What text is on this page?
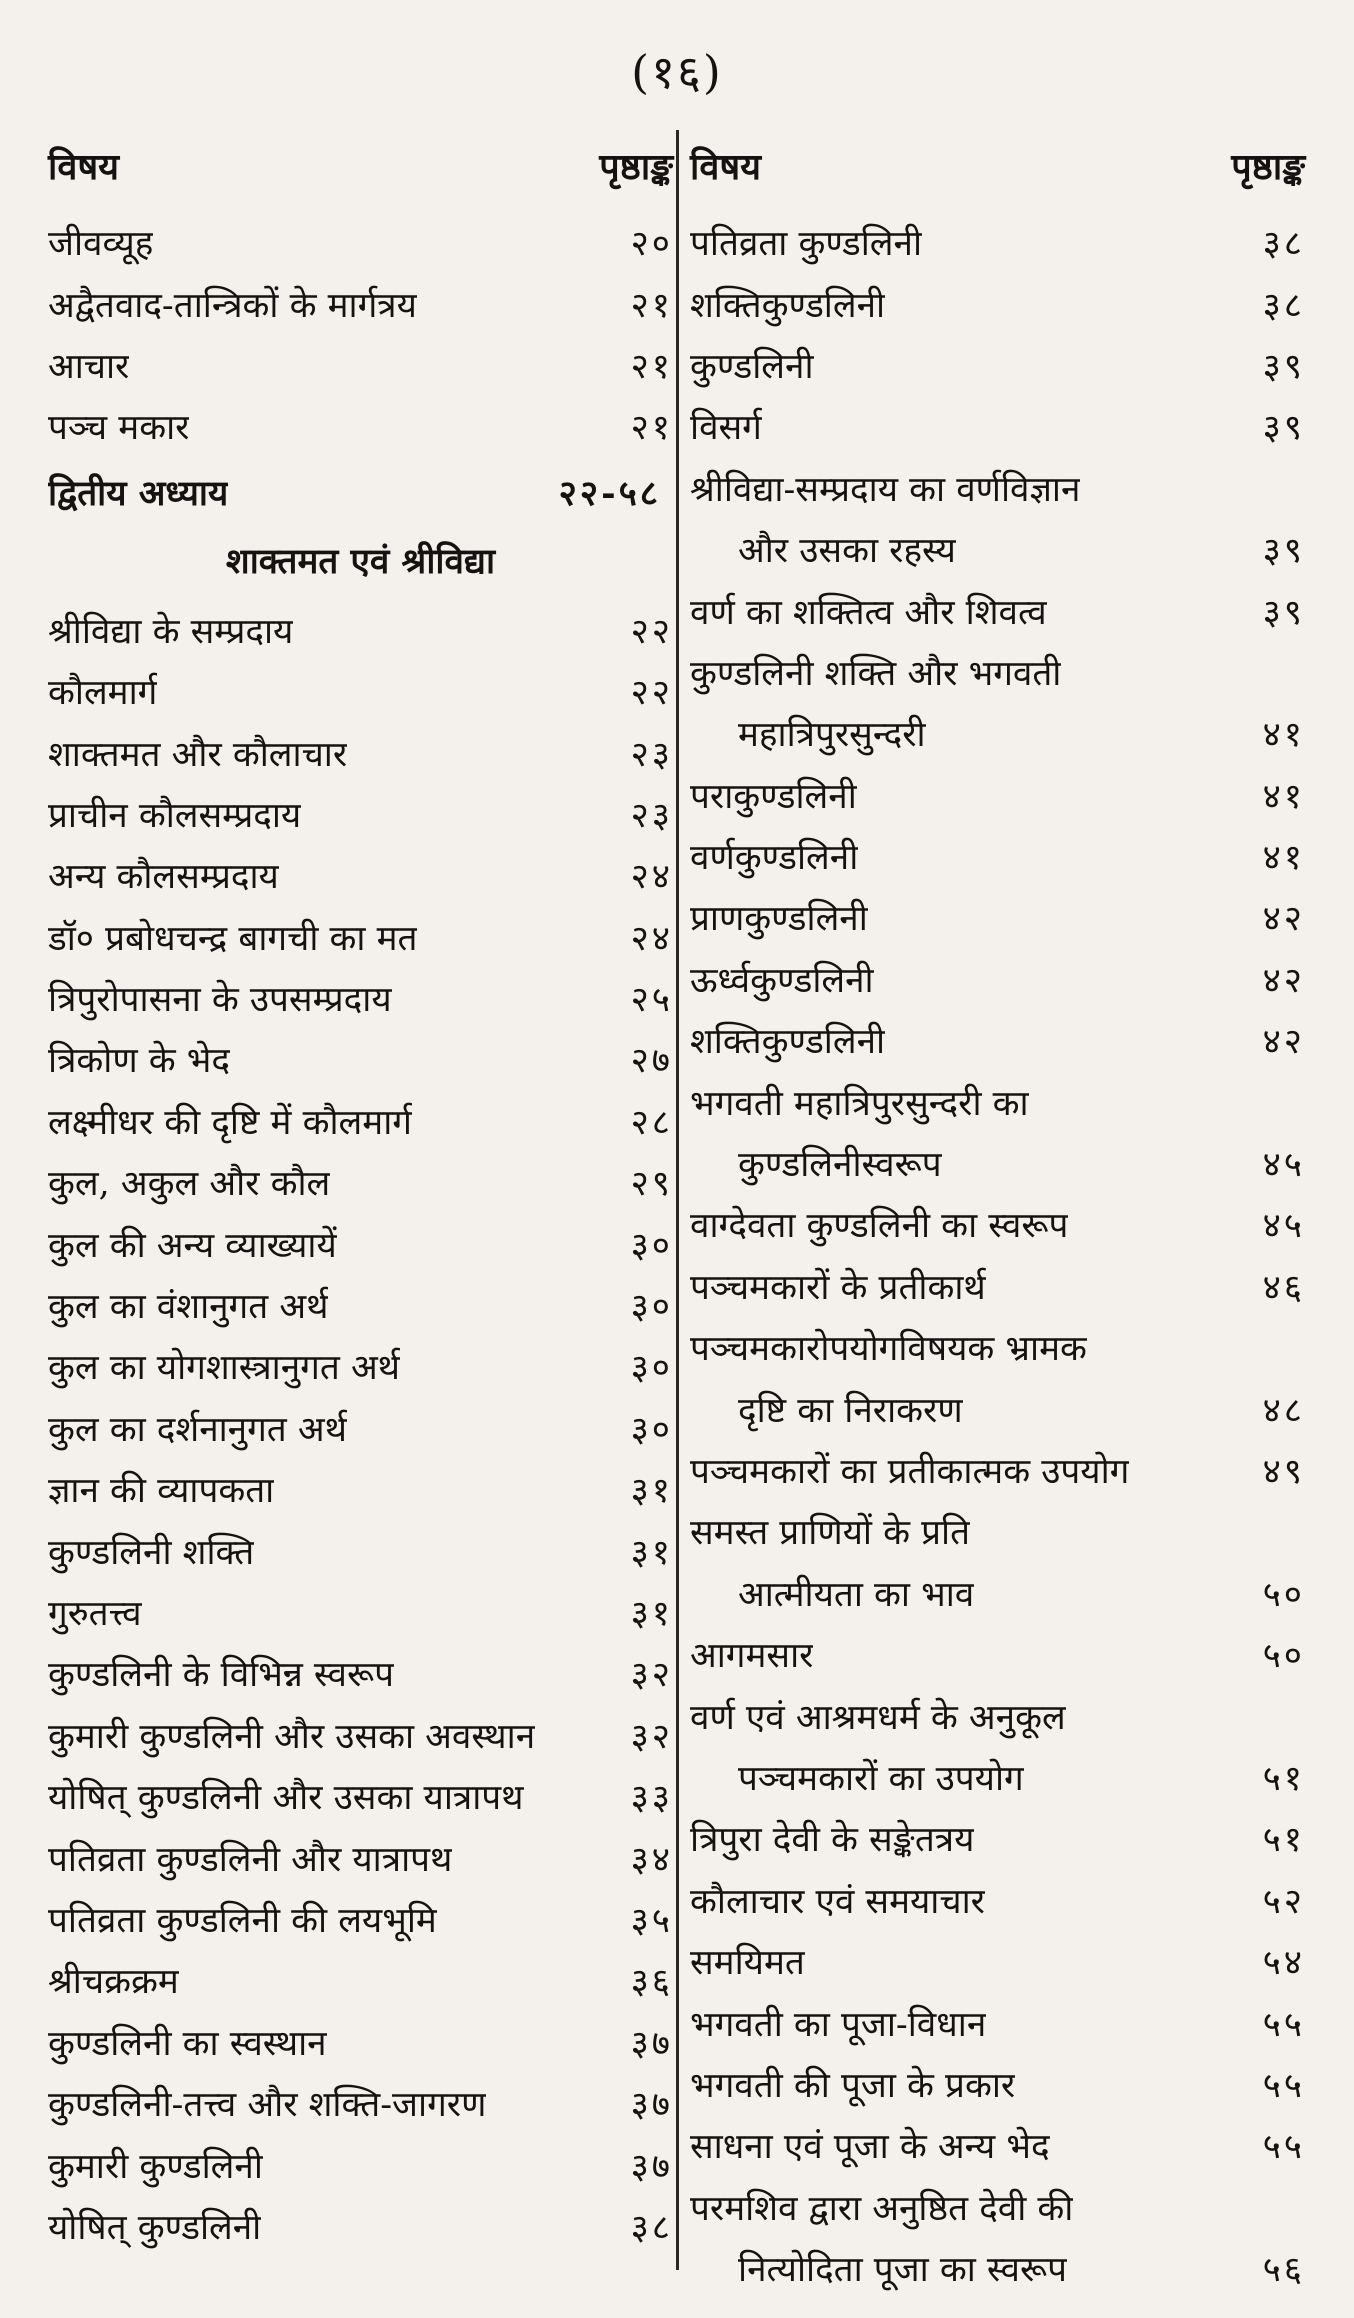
(१६)
विषय	पृष्ठाङ्क
जीवव्यूह	२०
अद्वैतवाद-तान्त्रिकों के मार्गत्रय	२१
आचार	२१
पञ्च मकार	२१
द्वितीय अध्याय	२२-५८
शाक्तमत एवं श्रीविद्या
श्रीविद्या के सम्प्रदाय	२२
कौलमार्ग	२२
शाक्तमत और कौलाचार	२३
प्राचीन कौलसम्प्रदाय	२३
अन्य कौलसम्प्रदाय	२४
डॉ० प्रबोधचन्द्र बागची का मत	२४
त्रिपुरोपासना के उपसम्प्रदाय	२५
त्रिकोण के भेद	२७
लक्ष्मीधर की दृष्टि में कौलमार्ग	२८
कुल, अकुल और कौल	२९
कुल की अन्य व्याख्यायें	३०
कुल का वंशानुगत अर्थ	३०
कुल का योगशास्त्रानुगत अर्थ	३०
कुल का दर्शनानुगत अर्थ	३०
ज्ञान की व्यापकता	३१
कुण्डलिनी शक्ति	३१
गुरुतत्त्व	३१
कुण्डलिनी के विभिन्न स्वरूप	३२
कुमारी कुण्डलिनी और उसका अवस्थान	३२
योषित् कुण्डलिनी और उसका यात्रापथ	३३
पतिव्रता कुण्डलिनी और यात्रापथ	३४
पतिव्रता कुण्डलिनी की लयभूमि	३५
श्रीचक्रक्रम	३६
कुण्डलिनी का स्वस्थान	३७
कुण्डलिनी-तत्त्व और शक्ति-जागरण	३७
कुमारी कुण्डलिनी	३७
योषित् कुण्डलिनी	३८
विषय	पृष्ठाङ्क
पतिव्रता कुण्डलिनी	३८
शक्तिकुण्डलिनी	३८
कुण्डलिनी	३९
विसर्ग	३९
श्रीविद्या-सम्प्रदाय का वर्णविज्ञान
और उसका रहस्य	३९
वर्ण का शक्तित्व और शिवत्व	३९
कुण्डलिनी शक्ति और भगवती
महात्रिपुरसुन्दरी	४१
पराकुण्डलिनी	४१
वर्णकुण्डलिनी	४१
प्राणकुण्डलिनी	४२
ऊर्ध्वकुण्डलिनी	४२
शक्तिकुण्डलिनी	४२
भगवती महात्रिपुरसुन्दरी का
कुण्डलिनीस्वरूप	४५
वाग्देवता कुण्डलिनी का स्वरूप	४५
पञ्चमकारों के प्रतीकार्थ	४६
पञ्चमकारोपयोगविषयक भ्रामक
दृष्टि का निराकरण	४८
पञ्चमकारों का प्रतीकात्मक उपयोग	४९
समस्त प्राणियों के प्रति
आत्मीयता का भाव	५०
आगमसार	५०
वर्ण एवं आश्रमधर्म के अनुकूल
पञ्चमकारों का उपयोग	५१
त्रिपुरा देवी के सङ्केतत्रय	५१
कौलाचार एवं समयाचार	५२
समयिमत	५४
भगवती का पूजा-विधान	५५
भगवती की पूजा के प्रकार	५५
साधना एवं पूजा के अन्य भेद	५५
परमशिव द्वारा अनुष्ठित देवी की
नित्योदिता पूजा का स्वरूप	५६
